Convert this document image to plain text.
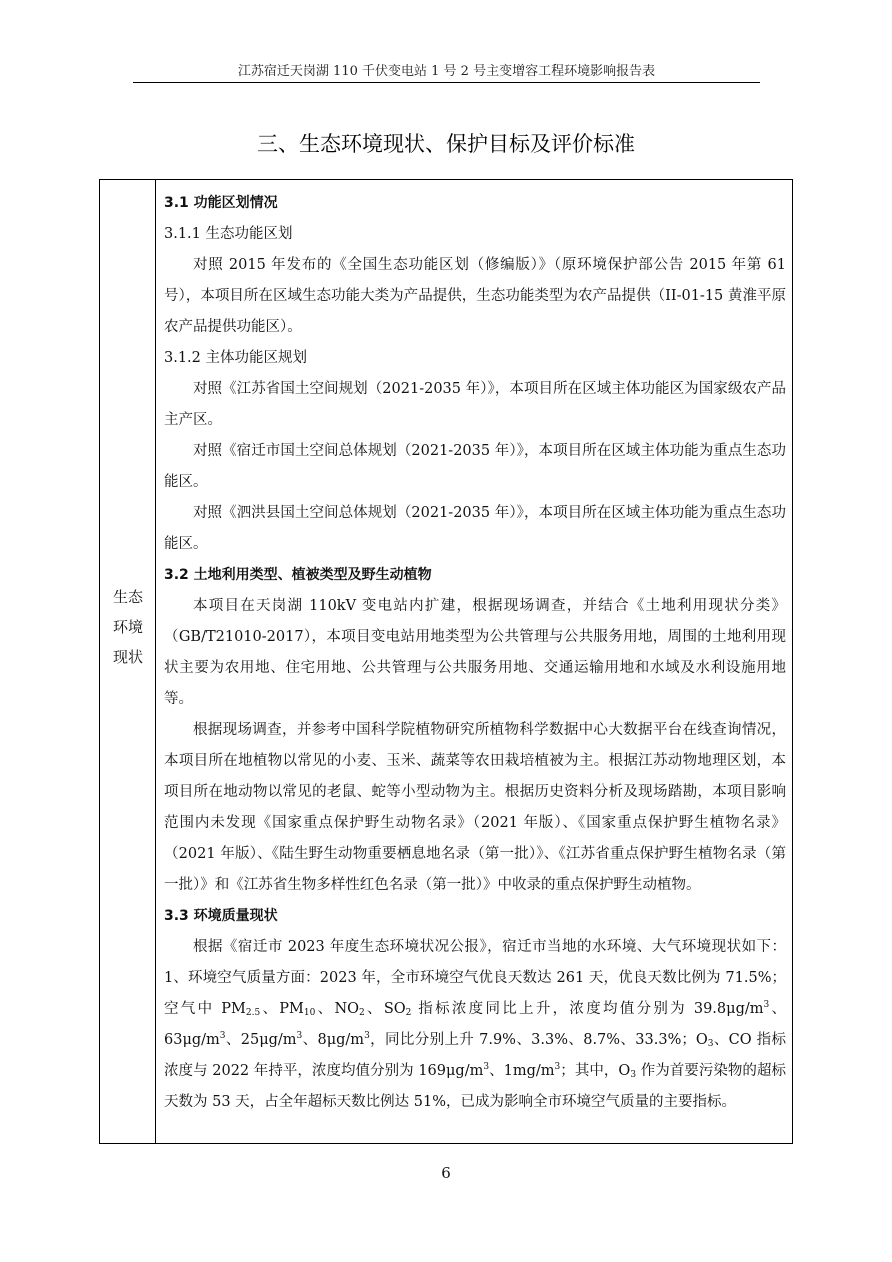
江苏宿迁天岗湖 110 千伏变电站 1 号 2 号主变增容工程环境影响报告表
三、生态环境现状、保护目标及评价标准
生态
环境
现状

3.1 功能区划情况

3.1.1 生态功能区划

对照 2015 年发布的《全国生态功能区划（修编版）》（原环境保护部公告 2015 年第 61 号），本项目所在区域生态功能大类为产品提供，生态功能类型为农产品提供（II-01-15 黄淮平原农产品提供功能区）。

3.1.2 主体功能区规划

对照《江苏省国土空间规划（2021-2035 年）》，本项目所在区域主体功能区为国家级农产品主产区。

对照《宿迁市国土空间总体规划（2021-2035 年）》，本项目所在区域主体功能为重点生态功能区。

对照《泗洪县国土空间总体规划（2021-2035 年）》，本项目所在区域主体功能为重点生态功能区。

3.2 土地利用类型、植被类型及野生动植物

本项目在天岗湖 110kV 变电站内扩建，根据现场调查，并结合《土地利用现状分类》（GB/T21010-2017），本项目变电站用地类型为公共管理与公共服务用地，周围的土地利用现状主要为农用地、住宅用地、公共管理与公共服务用地、交通运输用地和水域及水利设施用地等。

根据现场调查，并参考中国科学院植物研究所植物科学数据中心大数据平台在线查询情况，本项目所在地植物以常见的小麦、玉米、蔬菜等农田栽培植被为主。根据江苏动物地理区划，本项目所在地动物以常见的老鼠、蛇等小型动物为主。根据历史资料分析及现场踏勘，本项目影响范围内未发现《国家重点保护野生动物名录》（2021 年版）、《国家重点保护野生植物名录》（2021 年版）、《陆生野生动物重要栖息地名录（第一批）》、《江苏省重点保护野生植物名录（第一批）》和《江苏省生物多样性红色名录（第一批）》中收录的重点保护野生动植物。

3.3 环境质量现状

根据《宿迁市 2023 年度生态环境状况公报》，宿迁市当地的水环境、大气环境现状如下：1、环境空气质量方面：2023 年，全市环境空气优良天数达 261 天，优良天数比例为 71.5%；空气中 $PM_{2.5}$、$PM_{10}$、$NO_2$、$SO_2$ 指标浓度同比上升，浓度均值分别为 $39.8\mu g/m^3$、$63\mu g/m^3$、$25\mu g/m^3$、$8\mu g/m^3$，同比分别上升 7.9%、3.3%、8.7%、33.3%；$O_3$、CO 指标浓度与 2022 年持平，浓度均值分别为 $169\mu g/m^3$、$1mg/m^3$；其中，$O_3$ 作为首要污染物的超标天数为 53 天，占全年超标天数比例达 51%，已成为影响全市环境空气质量的主要指标。

6
